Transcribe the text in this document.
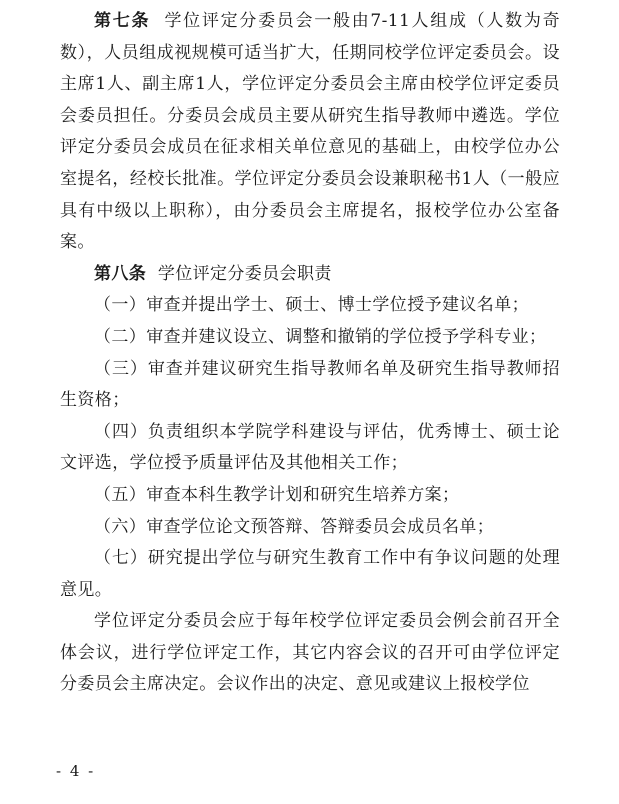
第七条 学位评定分委员会一般由7-11人组成（人数为奇数），人员组成视规模可适当扩大，任期同校学位评定委员会。设主席1人、副主席1人，学位评定分委员会主席由校学位评定委员会委员担任。分委员会成员主要从研究生指导教师中遴选。学位评定分委员会成员在征求相关单位意见的基础上，由校学位办公室提名，经校长批准。学位评定分委员会设兼职秘书1人（一般应具有中级以上职称），由分委员会主席提名，报校学位办公室备案。

第八条 学位评定分委员会职责

（一）审查并提出学士、硕士、博士学位授予建议名单；

（二）审查并建议设立、调整和撤销的学位授予学科专业；

（三）审查并建议研究生指导教师名单及研究生指导教师招生资格；

（四）负责组织本学院学科建设与评估，优秀博士、硕士论文评选，学位授予质量评估及其他相关工作；

（五）审查本科生教学计划和研究生培养方案；

（六）审查学位论文预答辩、答辩委员会成员名单；

（七）研究提出学位与研究生教育工作中有争议问题的处理意见。

学位评定分委员会应于每年校学位评定委员会例会前召开全体会议，进行学位评定工作，其它内容会议的召开可由学位评定分委员会主席决定。会议作出的决定、意见或建议上报校学位

- 4 -
